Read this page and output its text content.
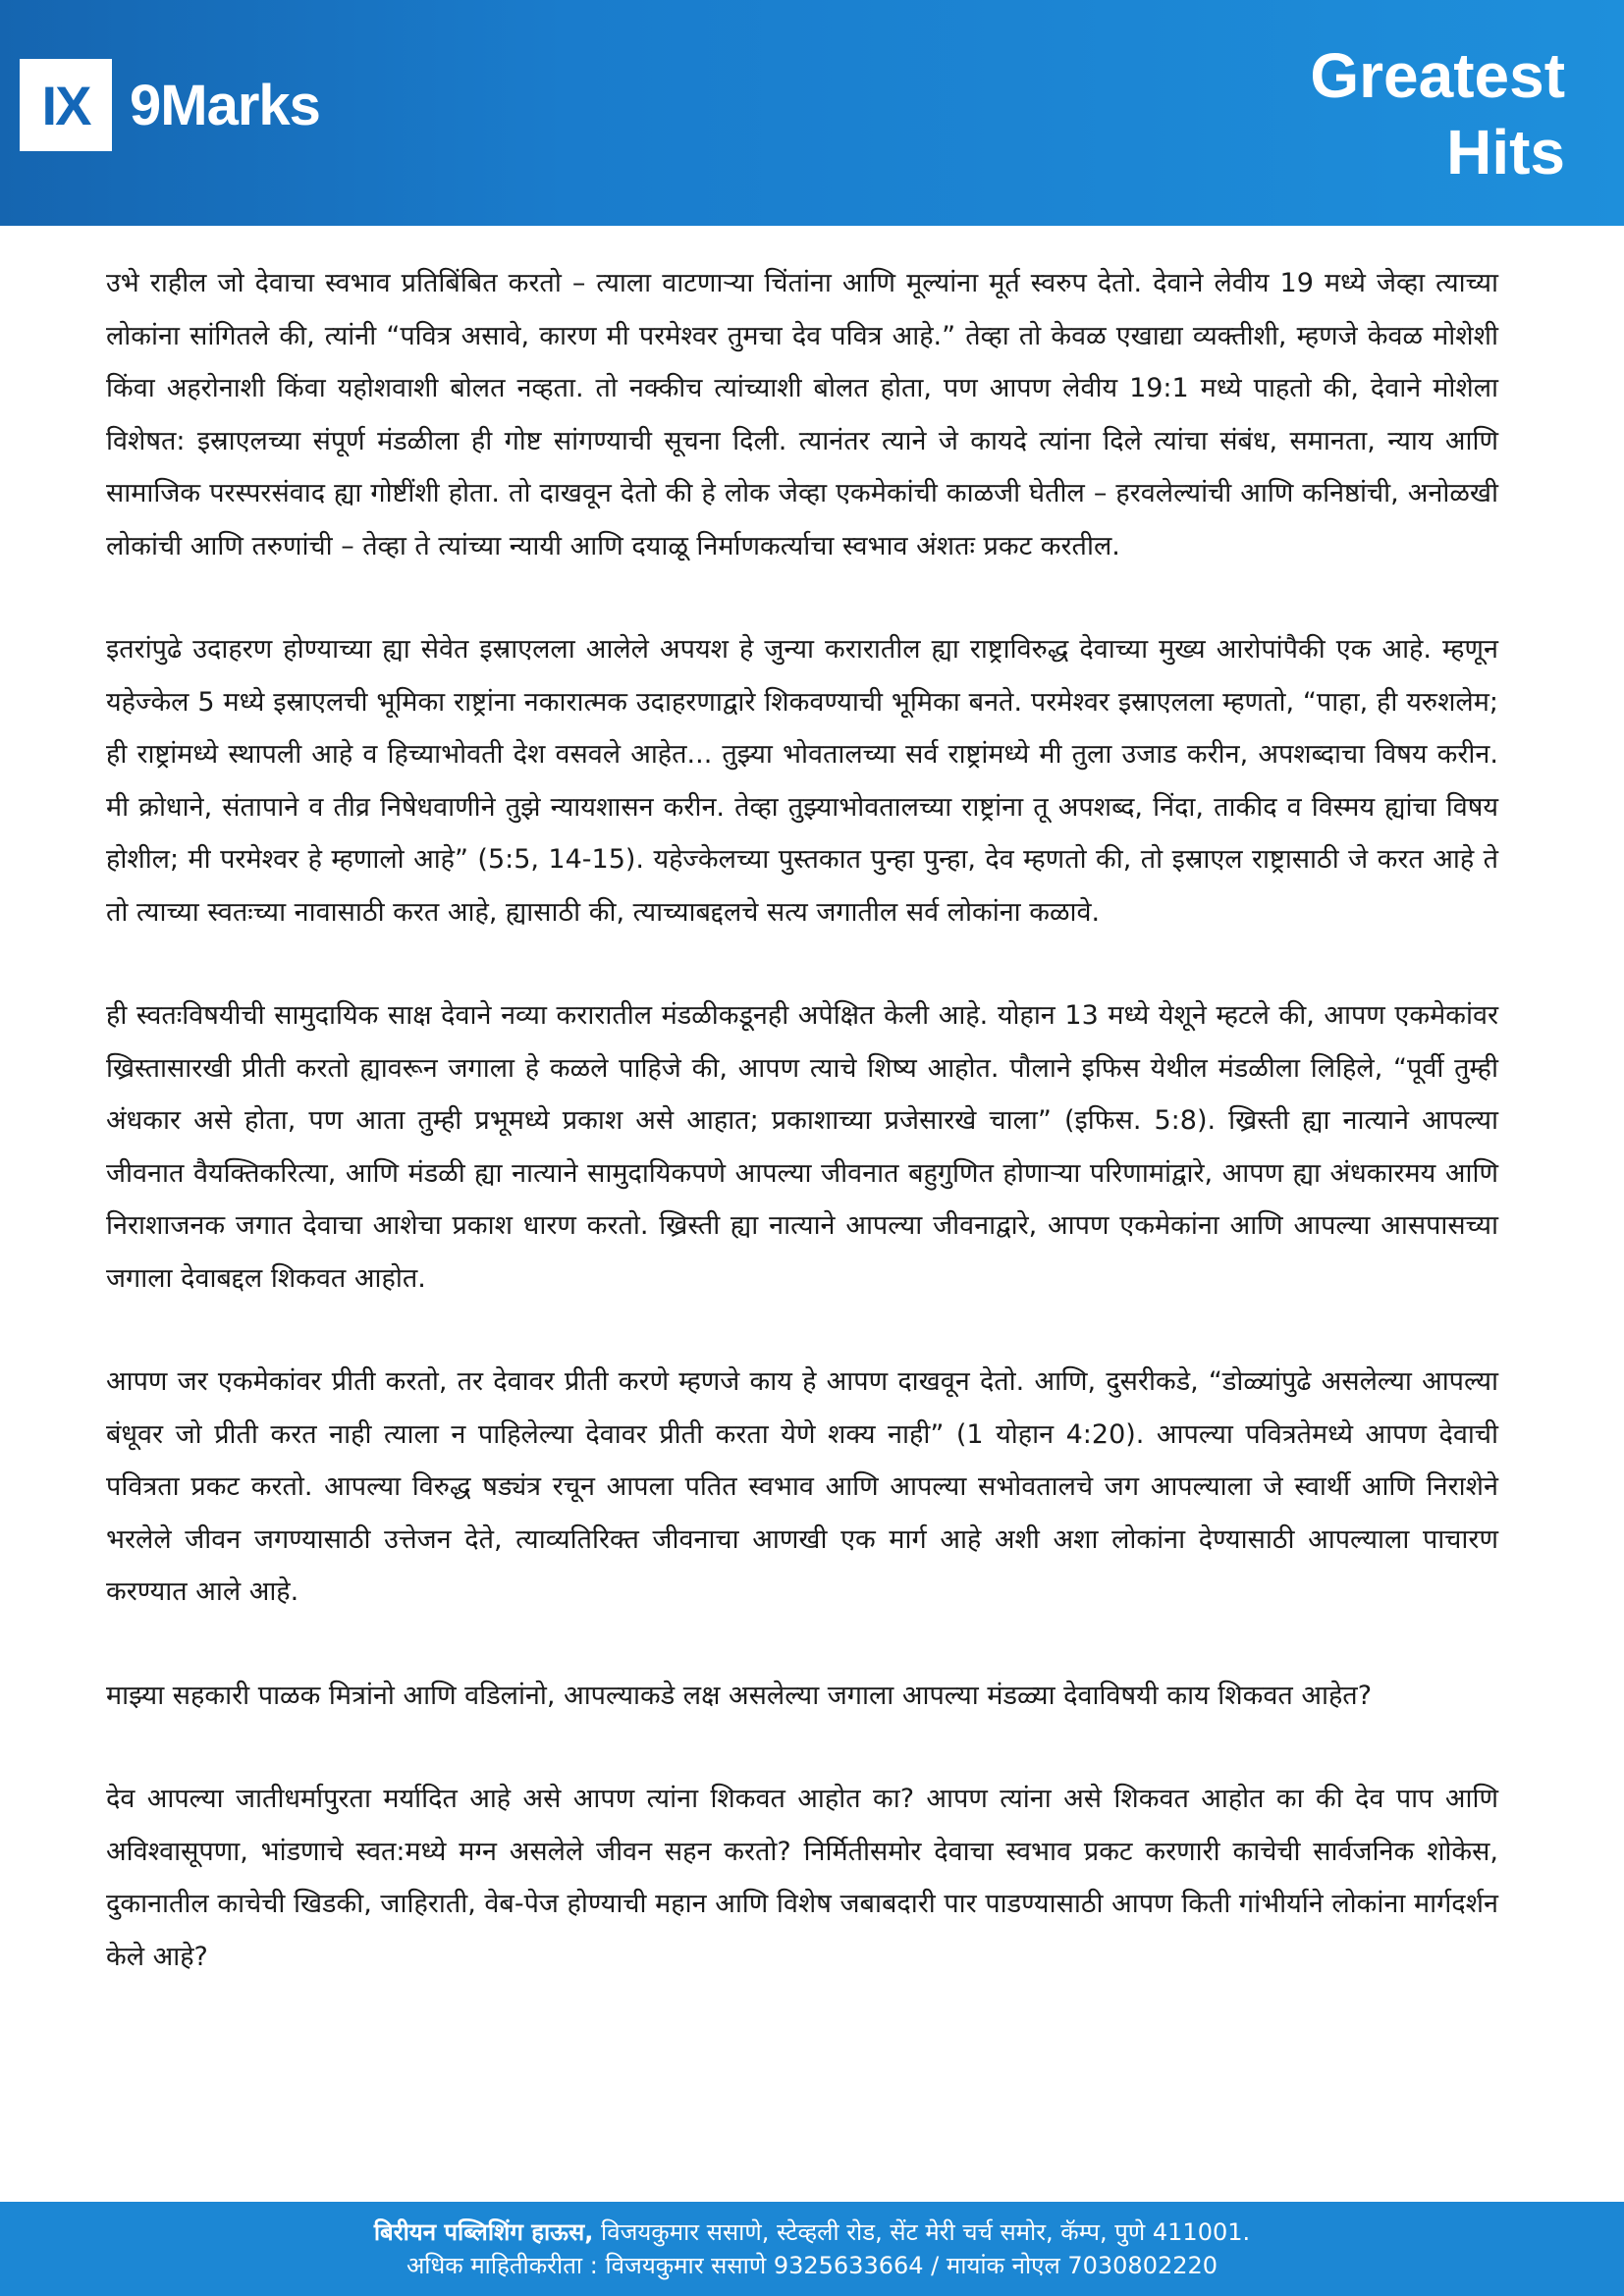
IX 9Marks	Greatest
Hits

उभे राहील जो देवाचा स्वभाव प्रतिबिंबित करतो – त्याला वाटणाऱ्या चिंतांना आणि मूल्यांना मूर्त स्वरुप देतो. देवाने लेवीय 19 मध्ये जेव्हा त्याच्या लोकांना सांगितले की, त्यांनी “पवित्र असावे, कारण मी परमेश्वर तुमचा देव पवित्र आहे.” तेव्हा तो केवळ एखाद्या व्यक्तीशी, म्हणजे केवळ मोशेशी किंवा अहरोनाशी किंवा यहोशवाशी बोलत नव्हता. तो नक्कीच त्यांच्याशी बोलत होता, पण आपण लेवीय 19:1 मध्ये पाहतो की, देवाने मोशेला विशेषत: इस्राएलच्या संपूर्ण मंडळीला ही गोष्ट सांगण्याची सूचना दिली. त्यानंतर त्याने जे कायदे त्यांना दिले त्यांचा संबंध, समानता, न्याय आणि सामाजिक परस्परसंवाद ह्या गोष्टींशी होता. तो दाखवून देतो की हे लोक जेव्हा एकमेकांची काळजी घेतील – हरवलेल्यांची आणि कनिष्ठांची, अनोळखी लोकांची आणि तरुणांची – तेव्हा ते त्यांच्या न्यायी आणि दयाळू निर्माणकर्त्याचा स्वभाव अंशतः प्रकट करतील.

इतरांपुढे उदाहरण होण्याच्या ह्या सेवेत इस्राएलला आलेले अपयश हे जुन्या करारातील ह्या राष्ट्राविरुद्ध देवाच्या मुख्य आरोपांपैकी एक आहे. म्हणून यहेज्केल 5 मध्ये इस्राएलची भूमिका राष्ट्रांना नकारात्मक उदाहरणाद्वारे शिकवण्याची भूमिका बनते. परमेश्वर इस्राएलला म्हणतो, “पाहा, ही यरुशलेम; ही राष्ट्रांमध्ये स्थापली आहे व हिच्याभोवती देश वसवले आहेत... तुझ्या भोवतालच्या सर्व राष्ट्रांमध्ये मी तुला उजाड करीन, अपशब्दाचा विषय करीन. मी क्रोधाने, संतापाने व तीव्र निषेधवाणीने तुझे न्यायशासन करीन. तेव्हा तुझ्याभोवतालच्या राष्ट्रांना तू अपशब्द, निंदा, ताकीद व विस्मय ह्यांचा विषय होशील; मी परमेश्वर हे म्हणालो आहे” (5:5, 14-15). यहेज्केलच्या पुस्तकात पुन्हा पुन्हा, देव म्हणतो की, तो इस्राएल राष्ट्रासाठी जे करत आहे ते तो त्याच्या स्वतःच्या नावासाठी करत आहे, ह्यासाठी की, त्याच्याबद्दलचे सत्य जगातील सर्व लोकांना कळावे.

ही स्वतःविषयीची सामुदायिक साक्ष देवाने नव्या करारातील मंडळीकडूनही अपेक्षित केली आहे. योहान 13 मध्ये येशूने म्हटले की, आपण एकमेकांवर ख्रिस्तासारखी प्रीती करतो ह्यावरून जगाला हे कळले पाहिजे की, आपण त्याचे शिष्य आहोत. पौलाने इफिस येथील मंडळीला लिहिले, “पूर्वी तुम्ही अंधकार असे होता, पण आता तुम्ही प्रभूमध्ये प्रकाश असे आहात; प्रकाशाच्या प्रजेसारखे चाला” (इफिस. 5:8). ख्रिस्ती ह्या नात्याने आपल्या जीवनात वैयक्तिकरित्या, आणि मंडळी ह्या नात्याने सामुदायिकपणे आपल्या जीवनात बहुगुणित होणाऱ्या परिणामांद्वारे, आपण ह्या अंधकारमय आणि निराशाजनक जगात देवाचा आशेचा प्रकाश धारण करतो. ख्रिस्ती ह्या नात्याने आपल्या जीवनाद्वारे, आपण एकमेकांना आणि आपल्या आसपासच्या जगाला देवाबद्दल शिकवत आहोत.

आपण जर एकमेकांवर प्रीती करतो, तर देवावर प्रीती करणे म्हणजे काय हे आपण दाखवून देतो. आणि, दुसरीकडे, “डोळ्यांपुढे असलेल्या आपल्या बंधूवर जो प्रीती करत नाही त्याला न पाहिलेल्या देवावर प्रीती करता येणे शक्य नाही” (1 योहान 4:20). आपल्या पवित्रतेमध्ये आपण देवाची पवित्रता प्रकट करतो. आपल्या विरुद्ध षड्यंत्र रचून आपला पतित स्वभाव आणि आपल्या सभोवतालचे जग आपल्याला जे स्वार्थी आणि निराशेने भरलेले जीवन जगण्यासाठी उत्तेजन देते, त्याव्यतिरिक्त जीवनाचा आणखी एक मार्ग आहे अशी अशा लोकांना देण्यासाठी आपल्याला पाचारण करण्यात आले आहे.

माझ्या सहकारी पाळक मित्रांनो आणि वडिलांनो, आपल्याकडे लक्ष असलेल्या जगाला आपल्या मंडळ्या देवाविषयी काय शिकवत आहेत?

देव आपल्या जातीधर्मापुरता मर्यादित आहे असे आपण त्यांना शिकवत आहोत का? आपण त्यांना असे शिकवत आहोत का की देव पाप आणि अविश्वासूपणा, भांडणाचे स्वत:मध्ये मग्न असलेले जीवन सहन करतो? निर्मितीसमोर देवाचा स्वभाव प्रकट करणारी काचेची सार्वजनिक शोकेस, दुकानातील काचेची खिडकी, जाहिराती, वेब-पेज होण्याची महान आणि विशेष जबाबदारी पार पाडण्यासाठी आपण किती गांभीर्याने लोकांना मार्गदर्शन केले आहे?

बिरीयन पब्लिशिंग हाऊस, विजयकुमार ससाणे, स्टेव्हली रोड, सेंट मेरी चर्च समोर, कॅम्प, पुणे 411001.
अधिक माहितीकरीता : विजयकुमार ससाणे 9325633664 / मायांक नोएल 7030802220
